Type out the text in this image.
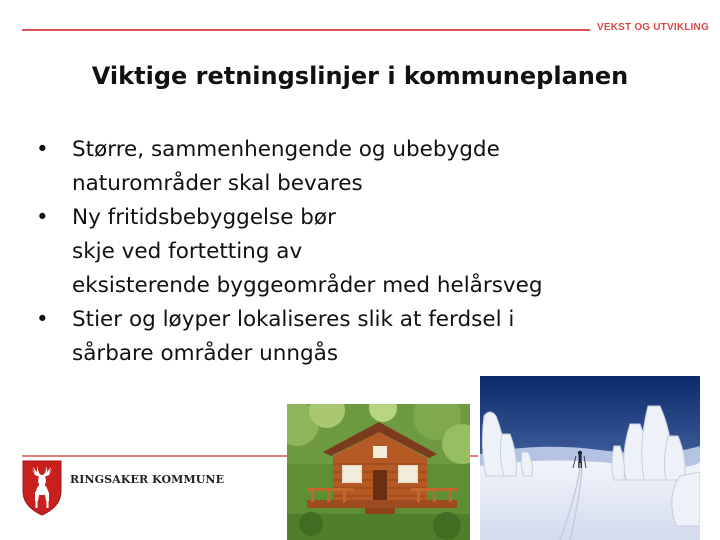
VEKST OG UTVIKLING
Viktige retningslinjer i kommuneplanen
•	Større, sammenhengende og ubebygde
naturområder skal bevares
•	Ny fritidsbebyggelse bør
skje ved fortetting av
eksisterende byggeområder med helårsveg
•	Stier og løyper lokaliseres slik at ferdsel i
sårbare områder unngås
RINGSAKER KOMMUNE
